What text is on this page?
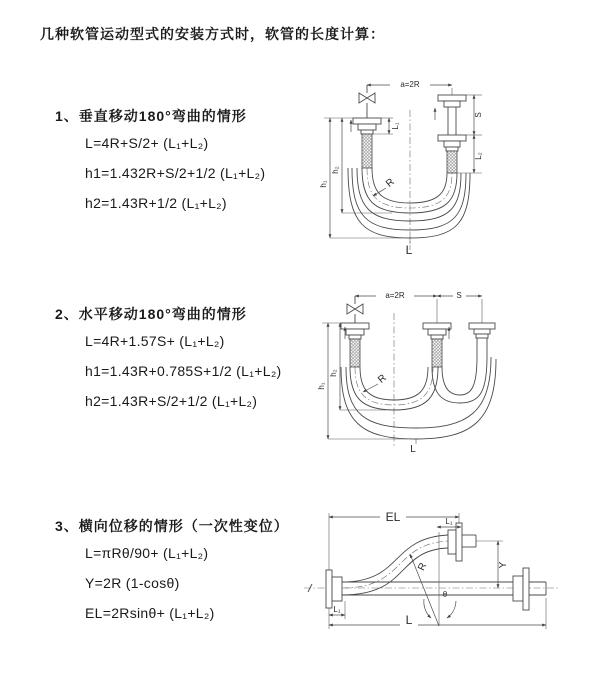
几种软管运动型式的安装方式时，软管的长度计算：
1、垂直移动180°弯曲的情形
L=4R+S/2+ (L₁+L₂)
h1=1.432R+S/2+1/2 (L₁+L₂)
h2=1.43R+1/2 (L₁+L₂)
2、水平移动180°弯曲的情形
L=4R+1.57S+ (L₁+L₂)
h1=1.43R+0.785S+1/2 (L₁+L₂)
h2=1.43R+S/2+1/2 (L₁+L₂)
3、横向位移的情形（一次性变位）
L=πRθ/90+ (L₁+L₂)
Y=2R (1-cosθ)
EL=2Rsinθ+ (L₁+L₂)
a=2R
S
L₂
L₁
h₁
h₂
R
L
a=2R	S
h₁
h₂	R
L
EL	L₁
Y
R
θ
L₁
L
